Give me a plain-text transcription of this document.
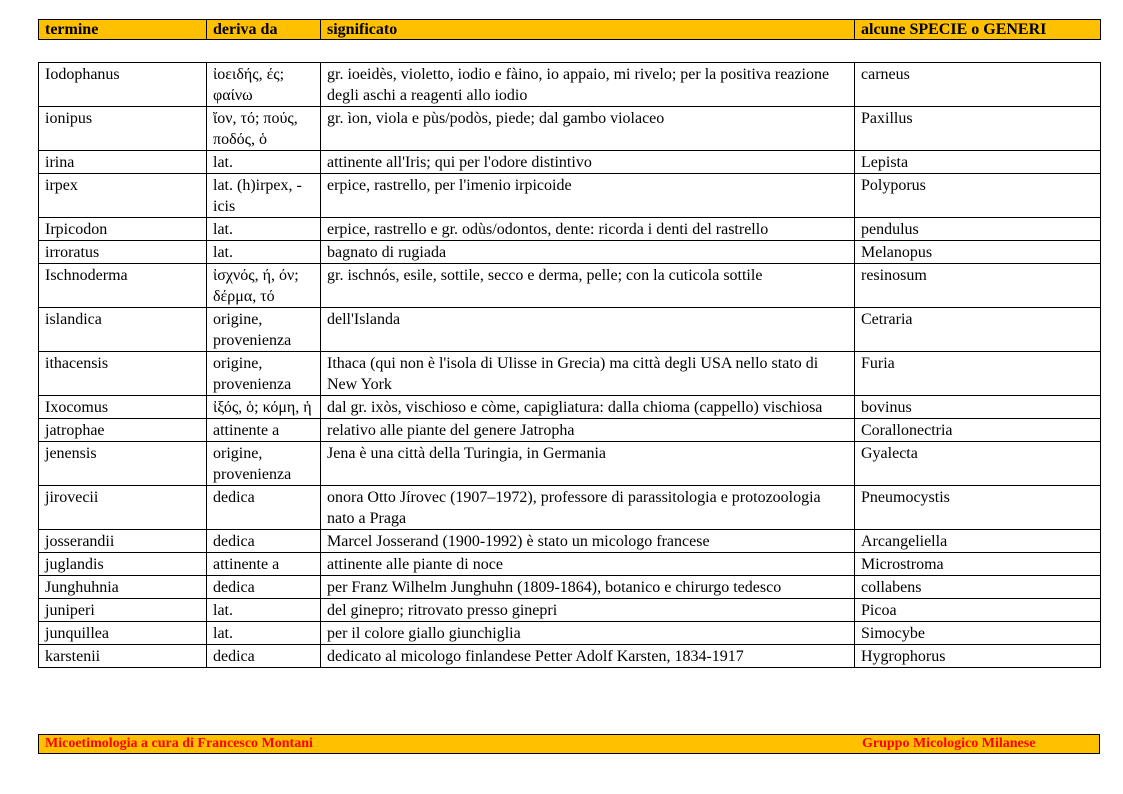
termine	deriva da	significato	alcune SPECIE o GENERI
Iodophanus	ἰοειδής, ές; φαίνω	gr. ioeidès, violetto, iodio e fàino, io appaio, mi rivelo; per la positiva reazione degli aschi a reagenti allo iodio	carneus
ionipus	ἴον, τό; πούς, ποδός, ὁ	gr. ìon, viola e pùs/podòs, piede; dal gambo violaceo	Paxillus
irina	lat.	attinente all'Iris; qui per l'odore distintivo	Lepista
irpex	lat. (h)irpex, -icis	erpice, rastrello, per l'imenio irpicoide	Polyporus
Irpicodon	lat.	erpice, rastrello e gr. odùs/odontos, dente: ricorda i denti del rastrello	pendulus
irroratus	lat.	bagnato di rugiada	Melanopus
Ischnoderma	ἰσχνός, ή, όν; δέρμα, τό	gr. ischnós, esile, sottile, secco e derma, pelle; con la cuticola sottile	resinosum
islandica	origine, provenienza	dell'Islanda	Cetraria
ithacensis	origine, provenienza	Ithaca (qui non è l'isola di Ulisse in Grecia) ma città degli USA nello stato di New York	Furia
Ixocomus	ἰξός, ὁ; κόμη, ἡ	dal gr. ixòs, vischioso e còme, capigliatura: dalla chioma (cappello) vischiosa	bovinus
jatrophae	attinente a	relativo alle piante del genere Jatropha	Corallonectria
jenensis	origine, provenienza	Jena è una città della Turingia, in Germania	Gyalecta
jirovecii	dedica	onora Otto Jírovec (1907–1972), professore di parassitologia e protozoologia nato a Praga	Pneumocystis
josserandii	dedica	Marcel Josserand (1900-1992) è stato un micologo francese	Arcangeliella
juglandis	attinente a	attinente alle piante di noce	Microstroma
Junghuhnia	dedica	per Franz Wilhelm Junghuhn (1809-1864), botanico e chirurgo tedesco	collabens
juniperi	lat.	del ginepro; ritrovato presso ginepri	Picoa
junquillea	lat.	per il colore giallo giunchiglia	Simocybe
karstenii	dedica	dedicato al micologo finlandese Petter Adolf Karsten, 1834-1917	Hygrophorus
Micoetimologia a cura di Francesco Montani	Gruppo Micologico Milanese
